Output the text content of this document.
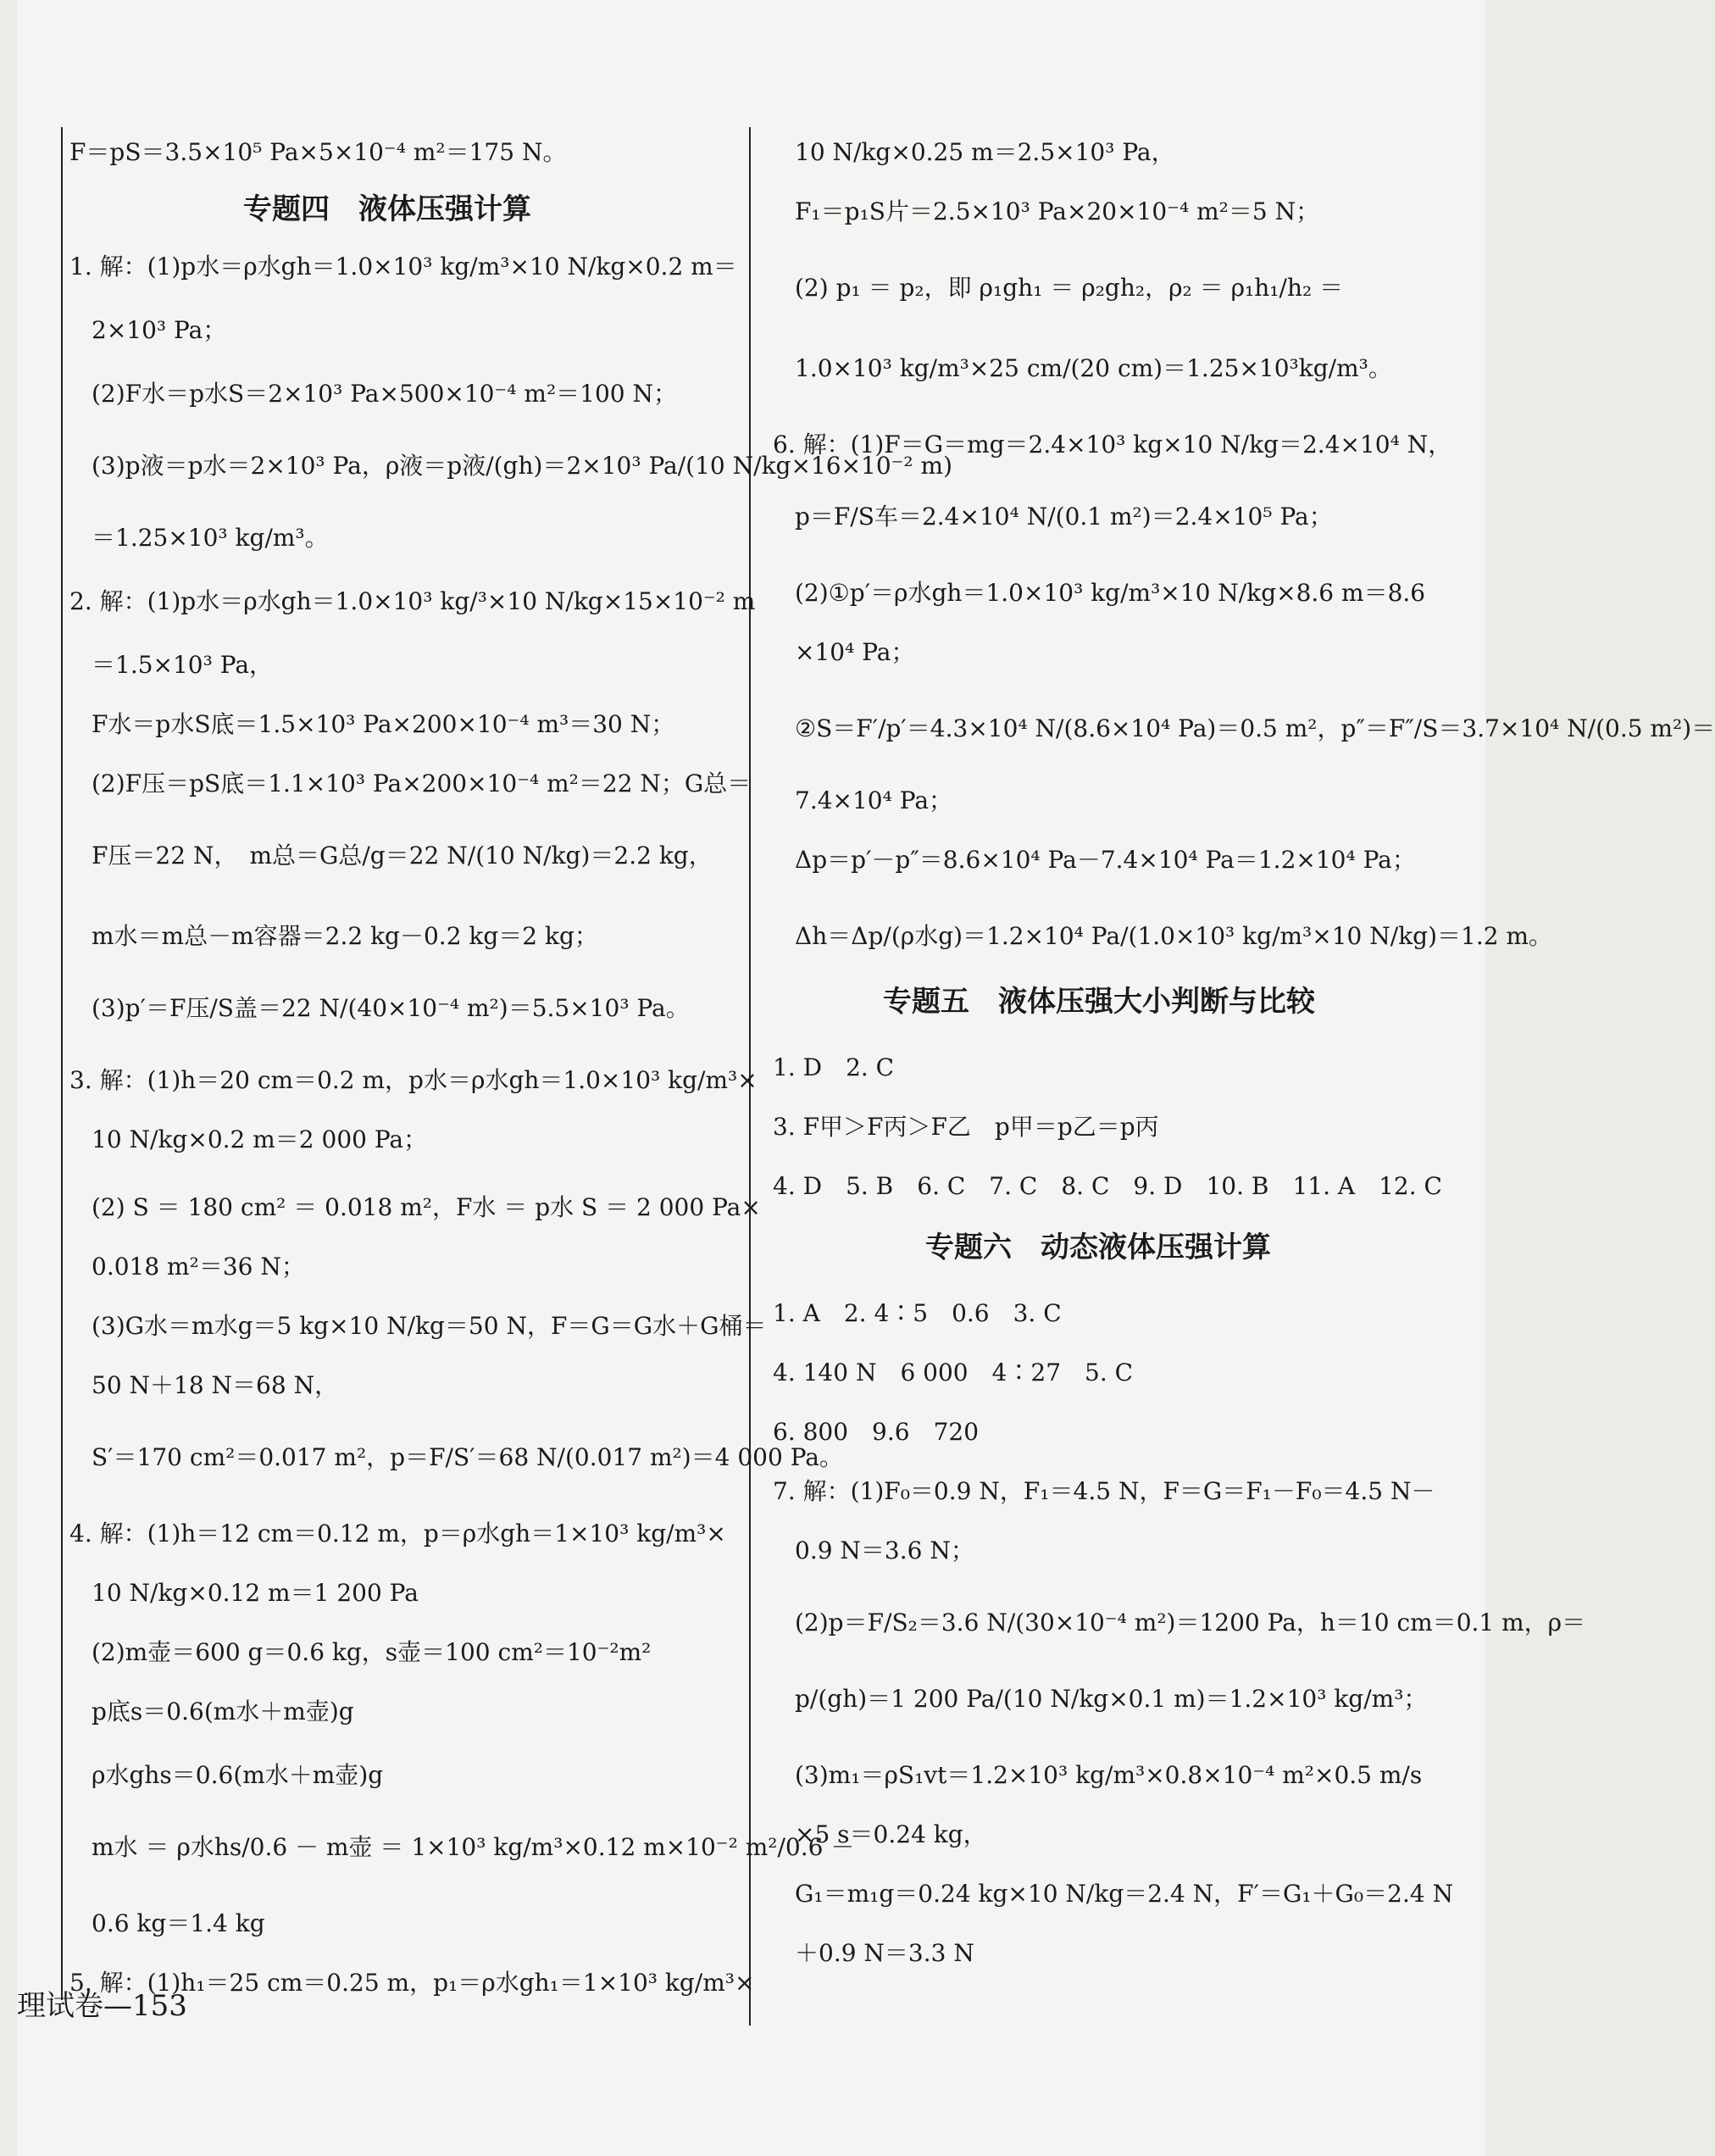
F＝pS＝3.5×10⁵ Pa×5×10⁻⁴ m²＝175 N。
专题四　液体压强计算
1. 解：(1)p水＝ρ水gh＝1.0×10³ kg/m³×10 N/kg×0.2 m＝
2×10³ Pa；
(2)F水＝p水S＝2×10³ Pa×500×10⁻⁴ m²＝100 N；
(3)p液＝p水＝2×10³ Pa，ρ液＝p液/(gh)＝2×10³ Pa/(10 N/kg×16×10⁻² m)
＝1.25×10³ kg/m³。
2. 解：(1)p水＝ρ水gh＝1.0×10³ kg/³×10 N/kg×15×10⁻² m
＝1.5×10³ Pa，
F水＝p水S底＝1.5×10³ Pa×200×10⁻⁴ m³＝30 N；
(2)F压＝pS底＝1.1×10³ Pa×200×10⁻⁴ m²＝22 N；G总＝
F压＝22 N，　m总＝G总/g＝22 N/(10 N/kg)＝2.2 kg，
m水＝m总－m容器＝2.2 kg－0.2 kg＝2 kg；
(3)p′＝F压/S盖＝22 N/(40×10⁻⁴ m²)＝5.5×10³ Pa。
3. 解：(1)h＝20 cm＝0.2 m，p水＝ρ水gh＝1.0×10³ kg/m³×
10 N/kg×0.2 m＝2 000 Pa；
(2) S ＝ 180 cm² ＝ 0.018 m²，F水 ＝ p水 S ＝ 2 000 Pa×
0.018 m²＝36 N；
(3)G水＝m水g＝5 kg×10 N/kg＝50 N，F＝G＝G水＋G桶＝
50 N＋18 N＝68 N，
S′＝170 cm²＝0.017 m²，p＝F/S′＝68 N/(0.017 m²)＝4 000 Pa。
4. 解：(1)h＝12 cm＝0.12 m，p＝ρ水gh＝1×10³ kg/m³×
10 N/kg×0.12 m＝1 200 Pa
(2)m壶＝600 g＝0.6 kg，s壶＝100 cm²＝10⁻²m²
p底s＝0.6(m水＋m壶)g
ρ水ghs＝0.6(m水＋m壶)g
m水 ＝ ρ水hs/0.6 － m壶 ＝ 1×10³ kg/m³×0.12 m×10⁻² m²/0.6 －
0.6 kg＝1.4 kg
5. 解：(1)h₁＝25 cm＝0.25 m，p₁＝ρ水gh₁＝1×10³ kg/m³×
理试卷—153
10 N/kg×0.25 m＝2.5×10³ Pa，
F₁＝p₁S片＝2.5×10³ Pa×20×10⁻⁴ m²＝5 N；
(2) p₁ ＝ p₂，即 ρ₁gh₁ ＝ ρ₂gh₂，ρ₂ ＝ ρ₁h₁/h₂ ＝
1.0×10³ kg/m³×25 cm/(20 cm)＝1.25×10³kg/m³。
6. 解：(1)F＝G＝mg＝2.4×10³ kg×10 N/kg＝2.4×10⁴ N，
p＝F/S车＝2.4×10⁴ N/(0.1 m²)＝2.4×10⁵ Pa；
(2)①p′＝ρ水gh＝1.0×10³ kg/m³×10 N/kg×8.6 m＝8.6
×10⁴ Pa；
②S＝F′/p′＝4.3×10⁴ N/(8.6×10⁴ Pa)＝0.5 m²，p″＝F″/S＝3.7×10⁴ N/(0.5 m²)＝
7.4×10⁴ Pa；
Δp＝p′－p″＝8.6×10⁴ Pa－7.4×10⁴ Pa＝1.2×10⁴ Pa；
Δh＝Δp/(ρ水g)＝1.2×10⁴ Pa/(1.0×10³ kg/m³×10 N/kg)＝1.2 m。
专题五　液体压强大小判断与比较
1. D　2. C
3. F甲＞F丙＞F乙　p甲＝p乙＝p丙
4. D　5. B　6. C　7. C　8. C　9. D　10. B　11. A　12. C
专题六　动态液体压强计算
1. A　2. 4∶5　0.6　3. C
4. 140 N　6 000　4∶27　5. C
6. 800　9.6　720
7. 解：(1)F₀＝0.9 N，F₁＝4.5 N，F＝G＝F₁－F₀＝4.5 N－
0.9 N＝3.6 N；
(2)p＝F/S₂＝3.6 N/(30×10⁻⁴ m²)＝1200 Pa，h＝10 cm＝0.1 m，ρ＝
p/(gh)＝1 200 Pa/(10 N/kg×0.1 m)＝1.2×10³ kg/m³；
(3)m₁＝ρS₁vt＝1.2×10³ kg/m³×0.8×10⁻⁴ m²×0.5 m/s
×5 s＝0.24 kg，
G₁＝m₁g＝0.24 kg×10 N/kg＝2.4 N，F′＝G₁＋G₀＝2.4 N
＋0.9 N＝3.3 N
